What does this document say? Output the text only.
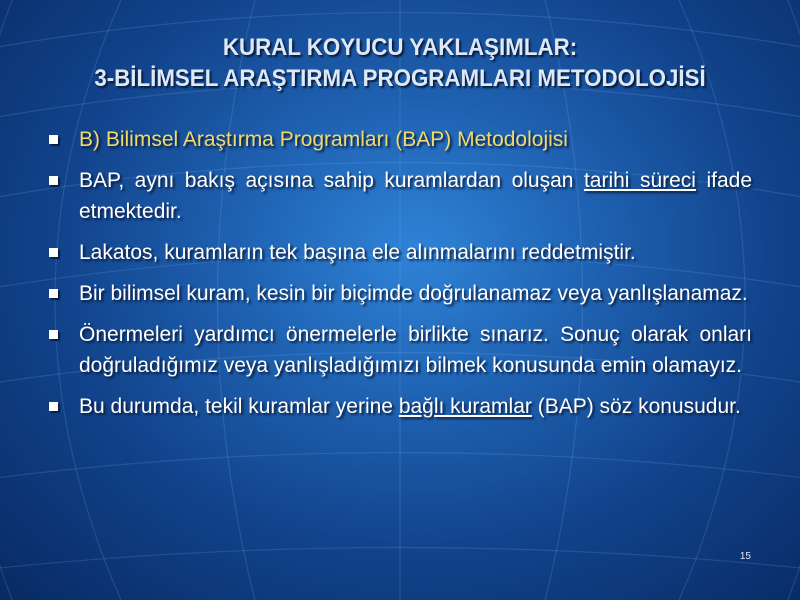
KURAL KOYUCU YAKLAŞIMLAR:
3-BİLİMSEL ARAŞTIRMA PROGRAMLARI METODOLOJİSİ
B) Bilimsel Araştırma Programları (BAP) Metodolojisi
BAP, aynı bakış açısına sahip kuramlardan oluşan tarihi süreci ifade etmektedir.
Lakatos, kuramların tek başına ele alınmalarını reddetmiştir.
Bir bilimsel kuram, kesin bir biçimde doğrulanamaz veya yanlışlanamaz.
Önermeleri yardımcı önermelerle birlikte sınarız. Sonuç olarak onları doğruladığımız veya yanlışladığımızı bilmek konusunda emin olamayız.
Bu durumda, tekil kuramlar yerine bağlı kuramlar (BAP) söz konusudur.
15
